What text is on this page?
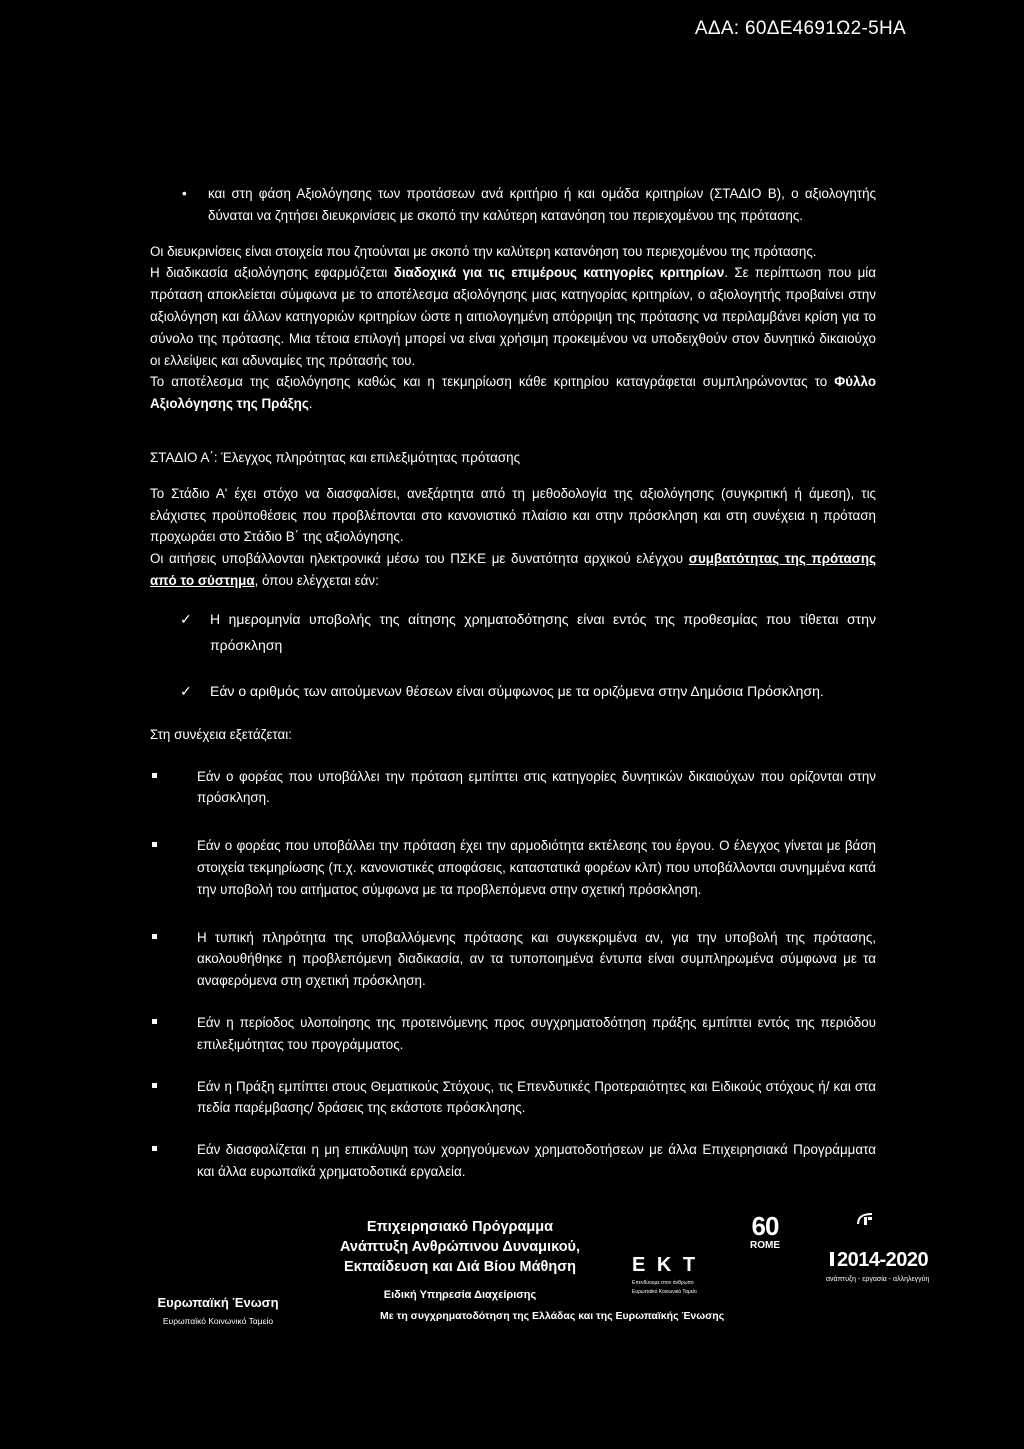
ΑΔΑ: 60ΔΕ4691Ω2-5ΗΑ
• και στη φάση Αξιολόγησης των προτάσεων ανά κριτήριο ή και ομάδα κριτηρίων (ΣΤΑΔΙΟ Β), ο αξιολογητής δύναται να ζητήσει διευκρινίσεις με σκοπό την καλύτερη κατανόηση του περιεχομένου της πρότασης.

Οι διευκρινίσεις είναι στοιχεία που ζητούνται με σκοπό την καλύτερη κατανόηση του περιεχομένου της πρότασης.

Η διαδικασία αξιολόγησης εφαρμόζεται διαδοχικά για τις επιμέρους κατηγορίες κριτηρίων. Σε περίπτωση που μία πρόταση αποκλείεται σύμφωνα με το αποτέλεσμα αξιολόγησης μιας κατηγορίας κριτηρίων, ο αξιολογητής προβαίνει στην αξιολόγηση και άλλων κατηγοριών κριτηρίων ώστε η αιτιολογημένη απόρριψη της πρότασης να περιλαμβάνει κρίση για το σύνολο της πρότασης. Μια τέτοια επιλογή μπορεί να είναι χρήσιμη προκειμένου να υποδειχθούν στον δυνητικό δικαιούχο οι ελλείψεις και αδυναμίες της πρότασής του.

Το αποτέλεσμα της αξιολόγησης καθώς και η τεκμηρίωση κάθε κριτηρίου καταγράφεται συμπληρώνοντας το Φύλλο Αξιολόγησης της Πράξης.

ΣΤΑΔΙΟ Α΄: Έλεγχος πληρότητας και επιλεξιμότητας πρότασης

Το Στάδιο Α' έχει στόχο να διασφαλίσει, ανεξάρτητα από τη μεθοδολογία της αξιολόγησης (συγκριτική ή άμεση), τις ελάχιστες προϋποθέσεις που προβλέπονται στο κανονιστικό πλαίσιο και στην πρόσκληση και στη συνέχεια η πρόταση προχωράει στο Στάδιο Β΄ της αξιολόγησης.

Οι αιτήσεις υποβάλλονται ηλεκτρονικά μέσω του ΠΣΚΕ με δυνατότητα αρχικού ελέγχου συμβατότητας της πρότασης από το σύστημα, όπου ελέγχεται εάν:

✓ Η ημερομηνία υποβολής της αίτησης χρηματοδότησης είναι εντός της προθεσμίας που τίθεται στην πρόσκληση
✓ Εάν ο αριθμός των αιτούμενων θέσεων είναι σύμφωνος με τα οριζόμενα στην Δημόσια Πρόσκληση.

Στη συνέχεια εξετάζεται:

Εάν ο φορέας που υποβάλλει την πρόταση εμπίπτει στις κατηγορίες δυνητικών δικαιούχων που ορίζονται στην πρόσκληση.
Εάν ο φορέας που υποβάλλει την πρόταση έχει την αρμοδιότητα εκτέλεσης του έργου. Ο έλεγχος γίνεται με βάση στοιχεία τεκμηρίωσης (π.χ. κανονιστικές αποφάσεις, καταστατικά φορέων κλπ) που υποβάλλονται συνημμένα κατά την υποβολή του αιτήματος σύμφωνα με τα προβλεπόμενα στην σχετική πρόσκληση.
Η τυπική πληρότητα της υποβαλλόμενης πρότασης και συγκεκριμένα αν, για την υποβολή της πρότασης, ακολουθήθηκε η προβλεπόμενη διαδικασία, αν τα τυποποιημένα έντυπα είναι συμπληρωμένα σύμφωνα με τα αναφερόμενα στη σχετική πρόσκληση.
Εάν η περίοδος υλοποίησης της προτεινόμενης προς συγχρηματοδότηση πράξης εμπίπτει εντός της περιόδου επιλεξιμότητας του προγράμματος.
Εάν η Πράξη εμπίπτει στους Θεματικούς Στόχους, τις Επενδυτικές Προτεραιότητες και Ειδικούς στόχους ή/ και στα πεδία παρέμβασης/ δράσεις της εκάστοτε πρόσκλησης.
Εάν διασφαλίζεται η μη επικάλυψη των χορηγούμενων χρηματοδοτήσεων με άλλα Επιχειρησιακά Προγράμματα και άλλα ευρωπαϊκά χρηματοδοτικά εργαλεία.
Ευρωπαϊκή Ένωση
Ευρωπαϊκό Κοινωνικό Ταμείο
Επιχειρησιακό Πρόγραμμα
Ανάπτυξη Ανθρώπινου Δυναμικού,
Εκπαίδευση και Διά Βίου Μάθηση
Ειδική Υπηρεσία Διαχείρισης
Ε Κ Τ
Επενδύουμε στον άνθρωπο
Ευρωπαϊκό Κοινωνικό Ταμείο
60
ROME
2014-2020
ανάπτυξη - εργασία - αλληλεγγύη
Με τη συγχρηματοδότηση της Ελλάδας και της Ευρωπαϊκής Ένωσης
